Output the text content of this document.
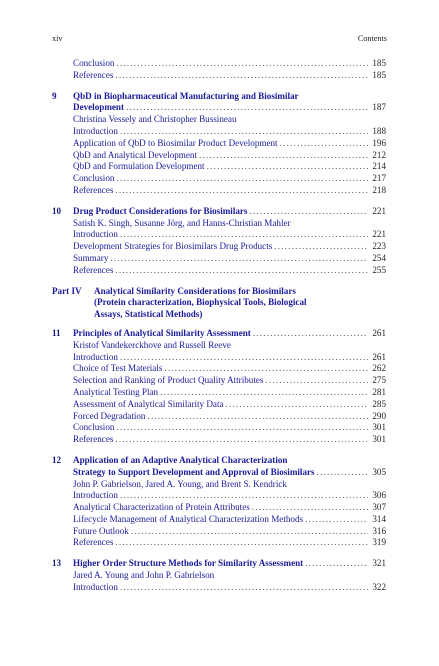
xiv	Contents
Conclusion .....	185
References .....	185
9	QbD in Biopharmaceutical Manufacturing and Biosimilar
Development .....	187
Christina Vessely and Christopher Bussineau
Introduction .....	188
Application of QbD to Biosimilar Product Development .....	196
QbD and Analytical Development .....	212
QbD and Formulation Development .....	214
Conclusion .....	217
References .....	218
10	Drug Product Considerations for Biosimilars .....	221
Satish K. Singh, Susanne Jörg, and Hanns-Christian Mahler
Introduction .....	221
Development Strategies for Biosimilars Drug Products .....	223
Summary .....	254
References .....	255
Part IV	Analytical Similarity Considerations for Biosimilars
(Protein characterization, Biophysical Tools, Biological
Assays, Statistical Methods)
11	Principles of Analytical Similarity Assessment .....	261
Kristof Vandekerckhove and Russell Reeve
Introduction .....	261
Choice of Test Materials .....	262
Selection and Ranking of Product Quality Attributes .....	275
Analytical Testing Plan .....	281
Assessment of Analytical Similarity Data .....	285
Forced Degradation .....	290
Conclusion .....	301
References .....	301
12	Application of an Adaptive Analytical Characterization
Strategy to Support Development and Approval of Biosimilars .....	305
John P. Gabrielson, Jared A. Young, and Brent S. Kendrick
Introduction .....	306
Analytical Characterization of Protein Attributes .....	307
Lifecycle Management of Analytical Characterization Methods .....	314
Future Outlook .....	316
References .....	319
13	Higher Order Structure Methods for Similarity Assessment .....	321
Jared A. Young and John P. Gabrielson
Introduction .....	322
